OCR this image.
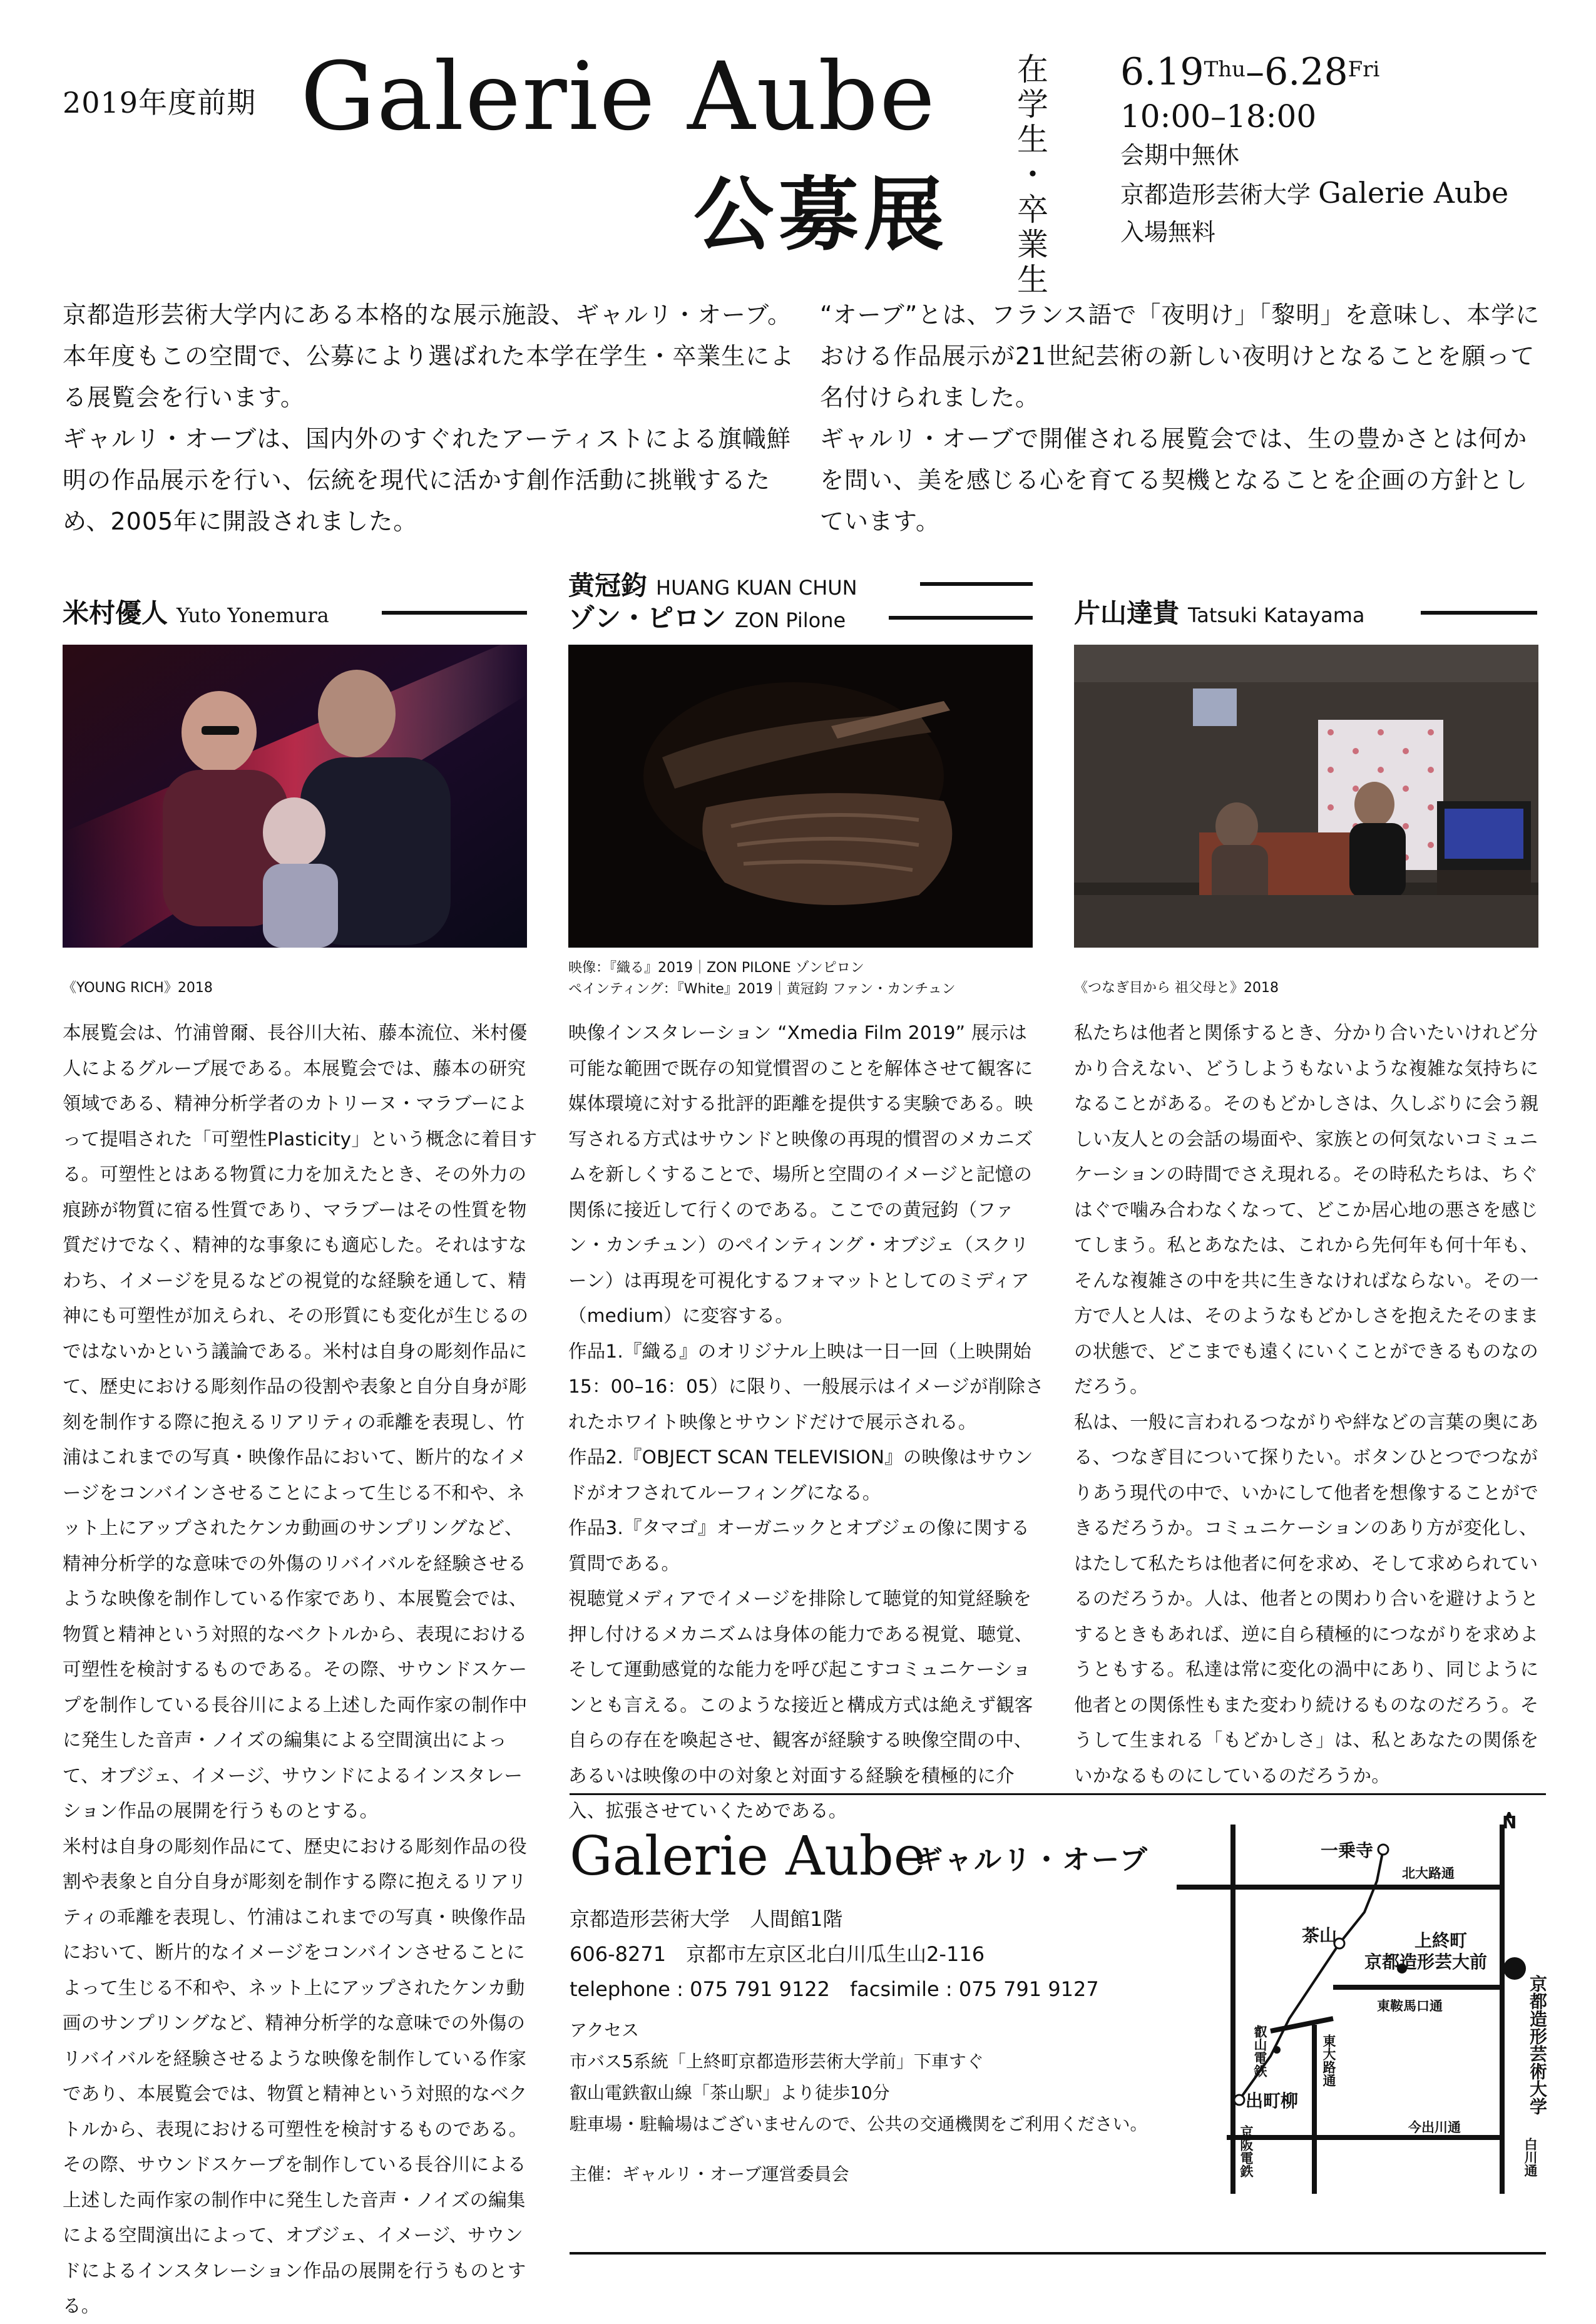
2019年度前期 Galerie Aube
公募展 在学生・卒業生 $6.19^{Thu}-6.28^{Fri}$
10:00–18:00
会期中無休
京都造形芸術大学 Galerie Aube
入場無料

京都造形芸術大学内にある本格的な展示施設、ギャルリ・オーブ。本年度もこの空間で、公募により選ばれた本学在学生・卒業生による展覧会を行います。

ギャルリ・オーブは、国内外のすぐれたアーティストによる旗幟鮮明の作品展示を行い、伝統を現代に活かす創作活動に挑戦するため、2005年に開設されました。

“オーブ”とは、フランス語で「夜明け」「黎明」を意味し、本学における作品展示が21世紀芸術の新しい夜明けとなることを願って名付けられました。

ギャルリ・オーブで開催される展覧会では、生の豊かさとは何かを問い、美を感じる心を育てる契機となることを企画の方針としています。

米村優人 Yuto Yonemura
《YOUNG RICH》2018

本展覧会は、竹浦曾爾、長谷川大祐、藤本流位、米村優人によるグループ展である。本展覧会では、藤本の研究領域である、精神分析学者のカトリーヌ・マラブーによって提唱された「可塑性Plasticity」という概念に着目する。可塑性とはある物質に力を加えたとき、その外力の痕跡が物質に宿る性質であり、マラブーはその性質を物質だけでなく、精神的な事象にも適応した。それはすなわち、イメージを見るなどの視覚的な経験を通して、精神にも可塑性が加えられ、その形質にも変化が生じるのではないかという議論である。米村は自身の彫刻作品にて、歴史における彫刻作品の役割や表象と自分自身が彫刻を制作する際に抱えるリアリティの乖離を表現し、竹浦はこれまでの写真・映像作品において、断片的なイメージをコンバインさせることによって生じる不和や、ネット上にアップされたケンカ動画のサンプリングなど、精神分析学的な意味での外傷のリバイバルを経験させるような映像を制作している作家であり、本展覧会では、物質と精神という対照的なベクトルから、表現における可塑性を検討するものである。その際、サウンドスケープを制作している長谷川による上述した両作家の制作中に発生した音声・ノイズの編集による空間演出によって、オブジェ、イメージ、サウンドによるインスタレーション作品の展開を行うものとする。

米村は自身の彫刻作品にて、歴史における彫刻作品の役割や表象と自分自身が彫刻を制作する際に抱えるリアリティの乖離を表現し、竹浦はこれまでの写真・映像作品において、断片的なイメージをコンバインさせることによって生じる不和や、ネット上にアップされたケンカ動画のサンプリングなど、精神分析学的な意味での外傷のリバイバルを経験させるような映像を制作している作家であり、本展覧会では、物質と精神という対照的なベクトルから、表現における可塑性を検討するものである。その際、サウンドスケープを制作している長谷川による上述した両作家の制作中に発生した音声・ノイズの編集による空間演出によって、オブジェ、イメージ、サウンドによるインスタレーション作品の展開を行うものとする。

黄冠鈞 HUANG KUAN CHUN
ゾン・ピロン ZON Pilone
映像：『織る』2019｜ZON PILONE ゾンピロン
ペインティング：『White』2019｜黄冠鈞 ファン・カンチュン

映像インスタレーション “Xmedia Film 2019” 展示は可能な範囲で既存の知覚慣習のことを解体させて観客に媒体環境に対する批評的距離を提供する実験である。映写される方式はサウンドと映像の再現的慣習のメカニズムを新しくすることで、場所と空間のイメージと記憶の関係に接近して行くのである。ここでの黄冠鈞（ファン・カンチュン）のペインティング・オブジェ（スクリーン）は再現を可視化するフォマットとしてのミディア（medium）に変容する。

作品1.『織る』のオリジナル上映は一日一回（上映開始 15：00–16：05）に限り、一般展示はイメージが削除されたホワイト映像とサウンドだけで展示される。

作品2.『OBJECT SCAN TELEVISION』の映像はサウンドがオフされてルーフィングになる。

作品3.『タマゴ』オーガニックとオブジェの像に関する質問である。

視聴覚メディアでイメージを排除して聴覚的知覚経験を押し付けるメカニズムは身体の能力である視覚、聴覚、そして運動感覚的な能力を呼び起こすコミュニケーションとも言える。このような接近と構成方式は絶えず観客自らの存在を喚起させ、観客が経験する映像空間の中、あるいは映像の中の対象と対面する経験を積極的に介入、拡張させていくためである。

片山達貴 Tatsuki Katayama
《つなぎ目から 祖父母と》2018

私たちは他者と関係するとき、分かり合いたいけれど分かり合えない、どうしようもないような複雑な気持ちになることがある。そのもどかしさは、久しぶりに会う親しい友人との会話の場面や、家族との何気ないコミュニケーションの時間でさえ現れる。その時私たちは、ちぐはぐで噛み合わなくなって、どこか居心地の悪さを感じてしまう。私とあなたは、これから先何年も何十年も、そんな複雑さの中を共に生きなければならない。その一方で人と人は、そのようなもどかしさを抱えたそのままの状態で、どこまでも遠くにいくことができるものなのだろう。

私は、一般に言われるつながりや絆などの言葉の奥にある、つなぎ目について探りたい。ボタンひとつでつながりあう現代の中で、いかにして他者を想像することができるだろうか。コミュニケーションのあり方が変化し、はたして私たちは他者に何を求め、そして求められているのだろうか。人は、他者との関わり合いを避けようとするときもあれば、逆に自ら積極的につながりを求めようともする。私達は常に変化の渦中にあり、同じように他者との関係性もまた変わり続けるものなのだろう。そうして生まれる「もどかしさ」は、私とあなたの関係をいかなるものにしているのだろうか。

Galerie Aube
ギャルリ・オーブ
京都造形芸術大学　人間館1階
606-8271　京都市左京区北白川瓜生山2-116
telephone : 075 791 9122　facsimile : 075 791 9127
アクセス
市バス5系統「上終町京都造形芸術大学前」下車すぐ
叡山電鉄叡山線「茶山駅」より徒歩10分
駐車場・駐輪場はございませんので、公共の交通機関をご利用ください。
主催：ギャルリ・オーブ運営委員会
N
一乗寺
北大路通
茶山	上終町
京都造形芸大前
京都造形芸術大学
東鞍馬口通
叡山電鉄	東大路通
出町柳
京阪電鉄	今出川通
白川通
